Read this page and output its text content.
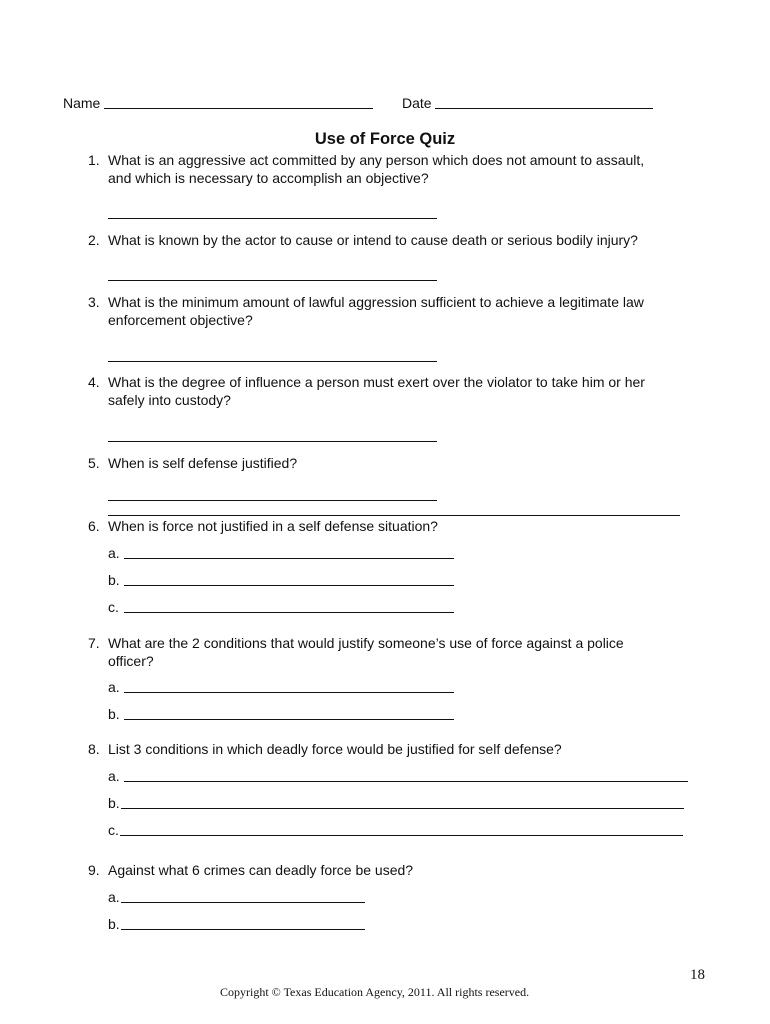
Name	Date
Use of Force Quiz
1. What is an aggressive act committed by any person which does not amount to assault,
and which is necessary to accomplish an objective?
2. What is known by the actor to cause or intend to cause death or serious bodily injury?
3. What is the minimum amount of lawful aggression sufficient to achieve a legitimate law
enforcement objective?
4. What is the degree of influence a person must exert over the violator to take him or her
safely into custody?
5. When is self defense justified?
6. When is force not justified in a self defense situation?
a.
b.
c.
7. What are the 2 conditions that would justify someone’s use of force against a police
officer?
a.
b.
8. List 3 conditions in which deadly force would be justified for self defense?
a.
b.
c.
9. Against what 6 crimes can deadly force be used?
a.
b.
18
Copyright © Texas Education Agency, 2011. All rights reserved.
